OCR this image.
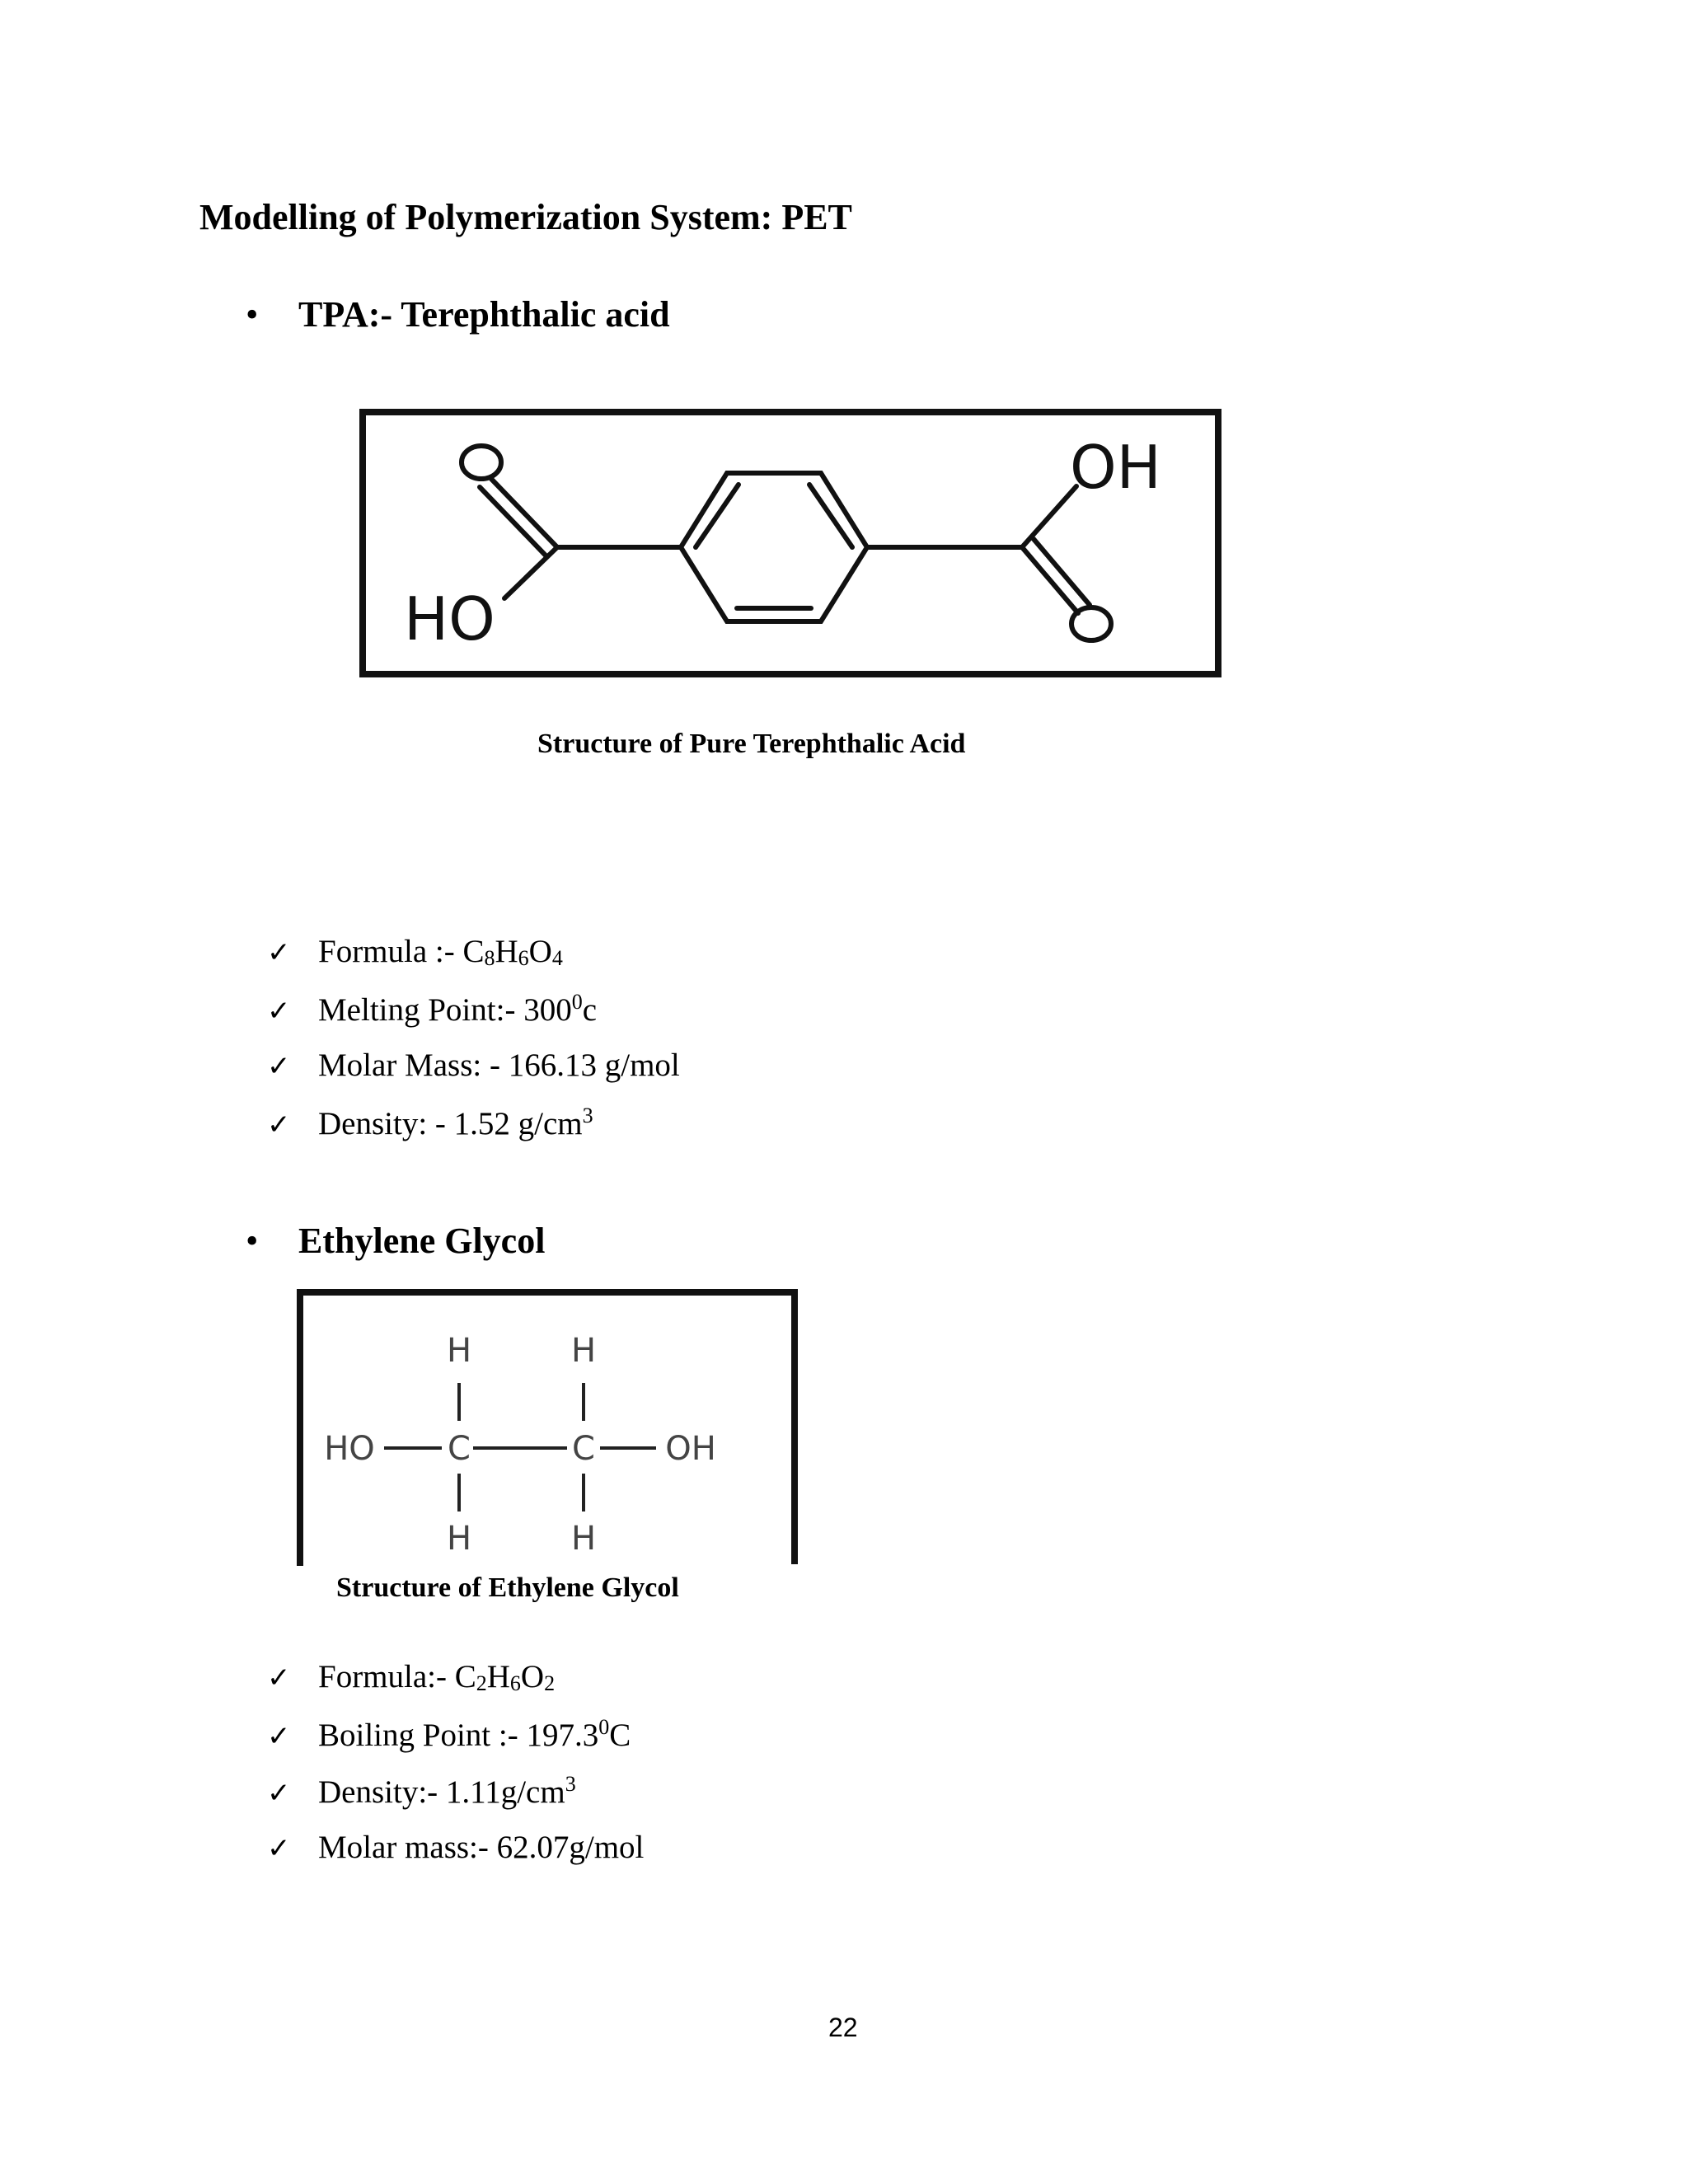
Modelling of Polymerization System: PET
• TPA:- Terephthalic acid
OH
HO
Structure of Pure Terephthalic Acid
✓ Formula :- $C_8H_6O_4$
✓ Melting Point:- $300^0c$
✓ Molar Mass: - 166.13 g/mol
✓ Density: - 1.52 $g/cm^3$
• Ethylene Glycol
H	H
HO C	C OH
H	H
Structure of Ethylene Glycol
✓ Formula:- $C_2H_6O_2$
✓ Boiling Point :- 197.3$^0$C
✓ Density:- $1.11g/cm^3$
✓ Molar mass:- 62.07g/mol
22
